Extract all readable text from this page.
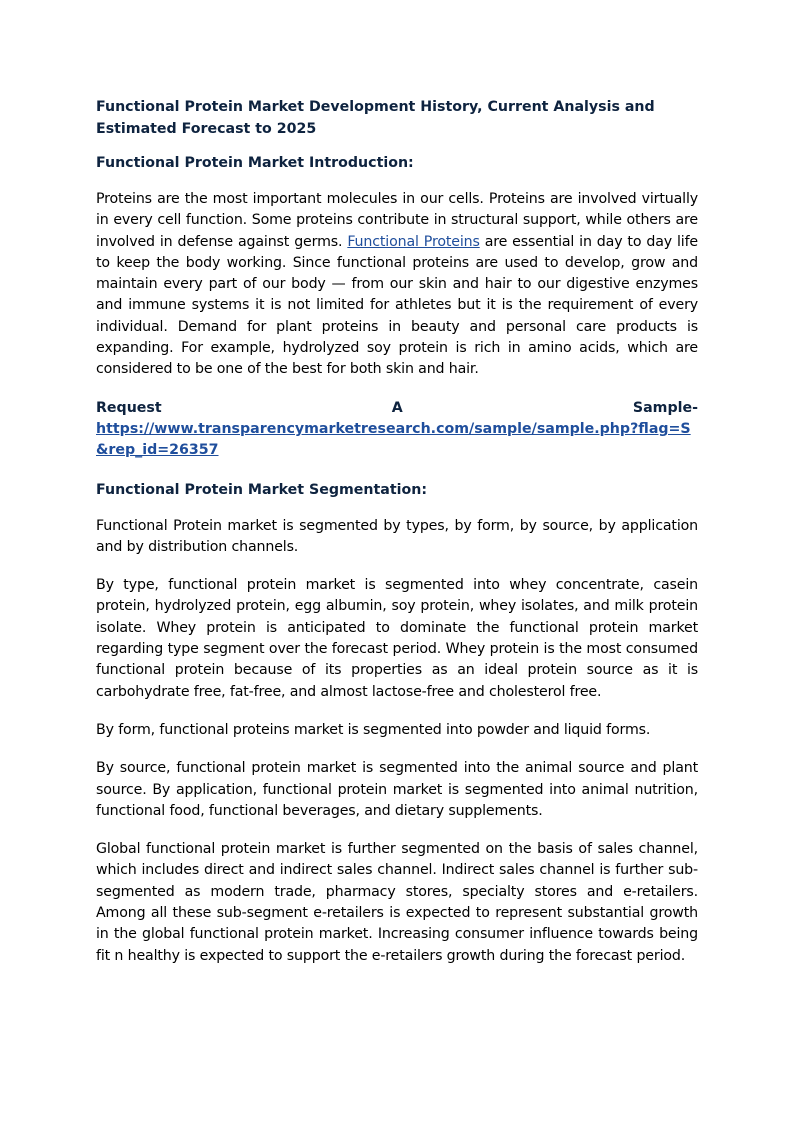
Functional Protein Market Development History, Current Analysis and Estimated Forecast to 2025
Functional Protein Market Introduction:

Proteins are the most important molecules in our cells. Proteins are involved virtually in every cell function. Some proteins contribute in structural support, while others are involved in defense against germs. Functional Proteins are essential in day to day life to keep the body working. Since functional proteins are used to develop, grow and maintain every part of our body — from our skin and hair to our digestive enzymes and immune systems it is not limited for athletes but it is the requirement of every individual. Demand for plant proteins in beauty and personal care products is expanding. For example, hydrolyzed soy protein is rich in amino acids, which are considered to be one of the best for both skin and hair.

Request	A	Sample-
https://www.transparencymarketresearch.com/sample/sample.php?flag=S&rep_id=26357
Functional Protein Market Segmentation:

Functional Protein market is segmented by types, by form, by source, by application and by distribution channels.

By type, functional protein market is segmented into whey concentrate, casein protein, hydrolyzed protein, egg albumin, soy protein, whey isolates, and milk protein isolate. Whey protein is anticipated to dominate the functional protein market regarding type segment over the forecast period. Whey protein is the most consumed functional protein because of its properties as an ideal protein source as it is carbohydrate free, fat-free, and almost lactose-free and cholesterol free.

By form, functional proteins market is segmented into powder and liquid forms.

By source, functional protein market is segmented into the animal source and plant source. By application, functional protein market is segmented into animal nutrition, functional food, functional beverages, and dietary supplements.

Global functional protein market is further segmented on the basis of sales channel, which includes direct and indirect sales channel. Indirect sales channel is further sub-segmented as modern trade, pharmacy stores, specialty stores and e-retailers. Among all these sub-segment e-retailers is expected to represent substantial growth in the global functional protein market. Increasing consumer influence towards being fit n healthy is expected to support the e-retailers growth during the forecast period.
